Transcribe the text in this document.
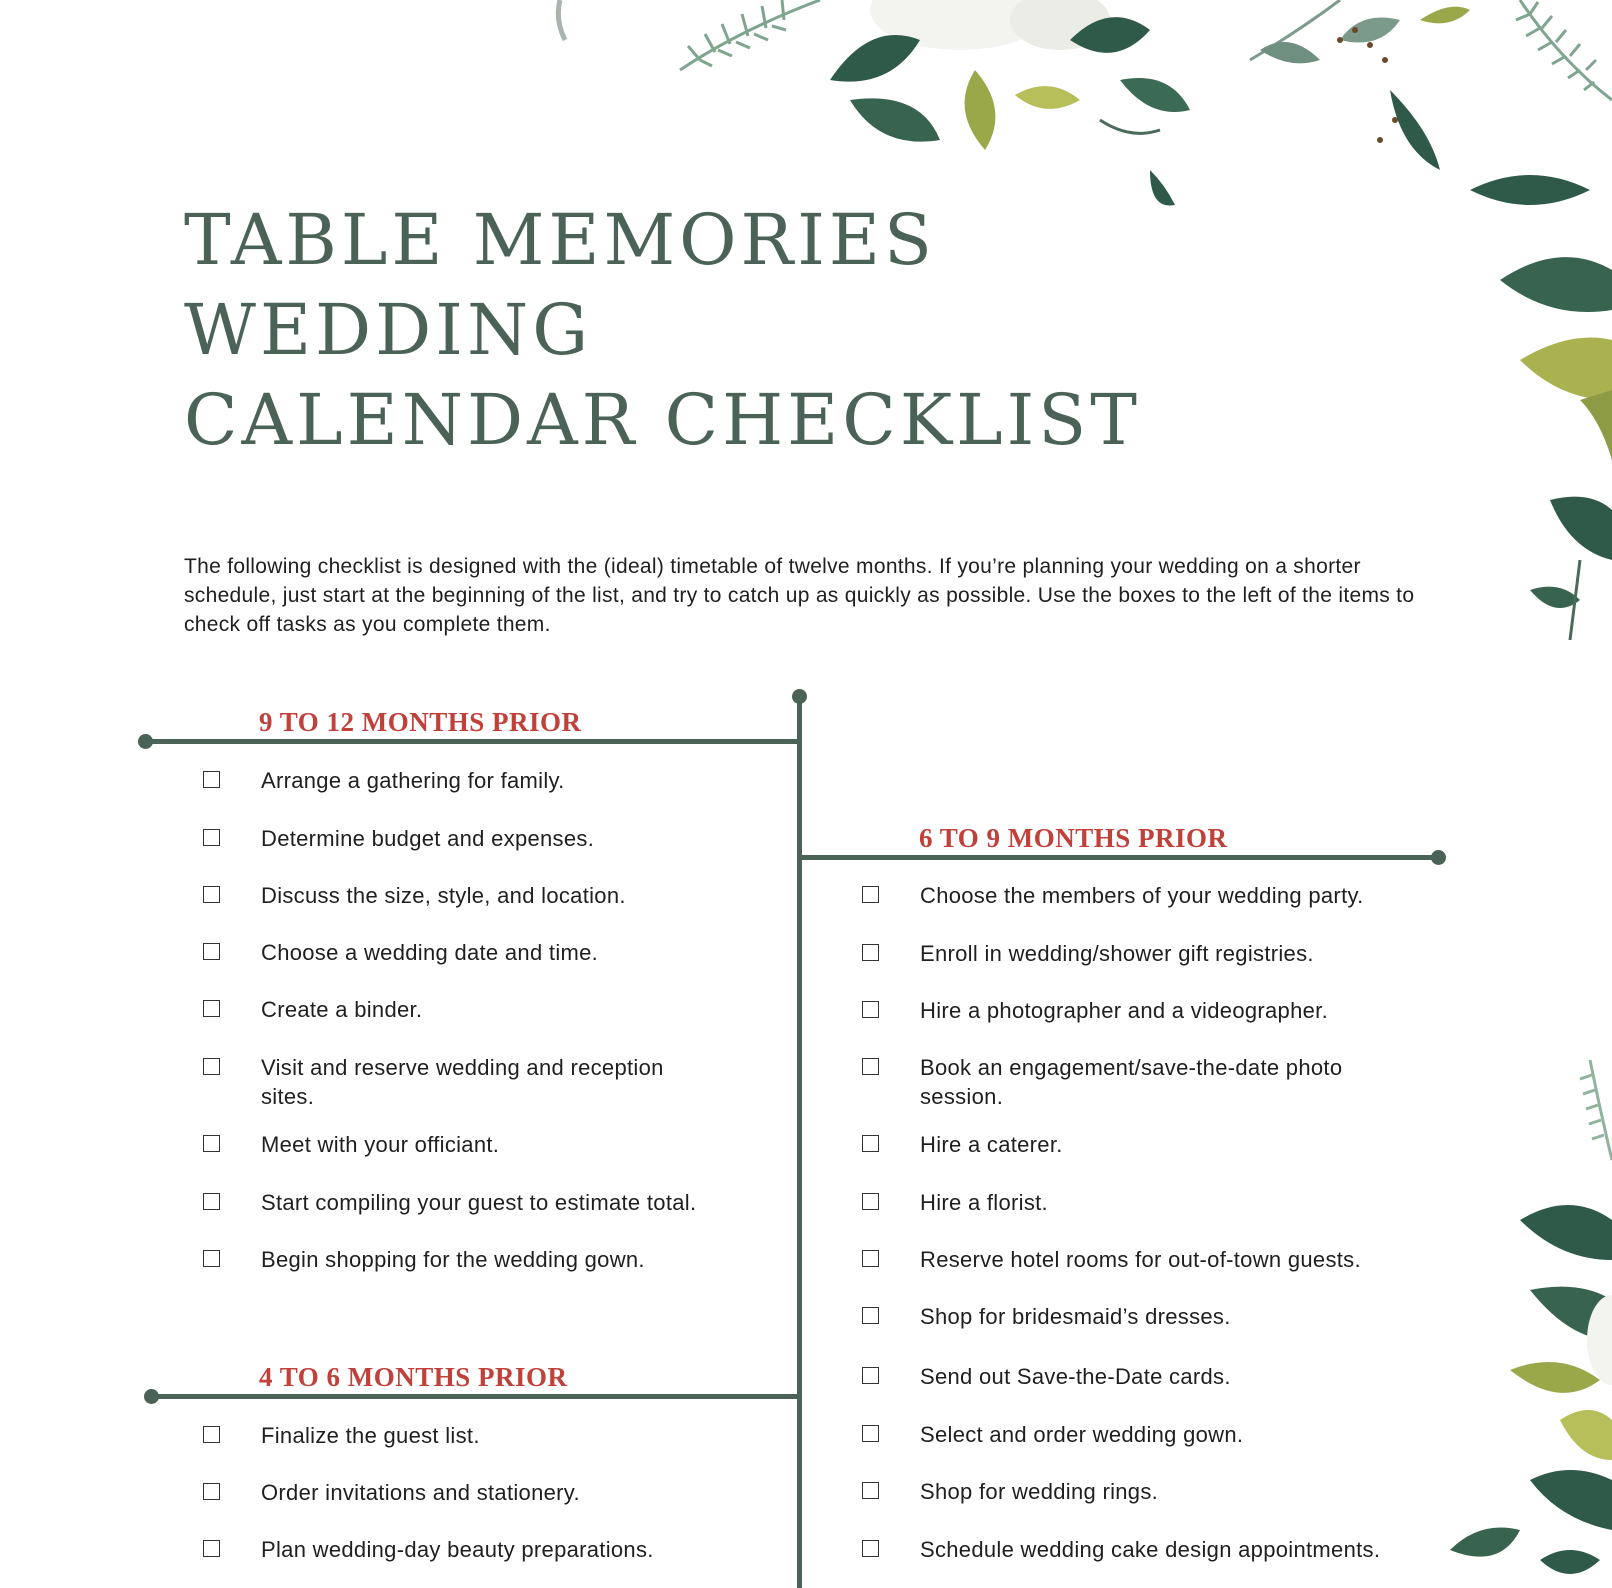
TABLE MEMORIES
WEDDING
CALENDAR CHECKLIST

The following checklist is designed with the (ideal) timetable of twelve months. If you’re planning your wedding on a shorter schedule, just start at the beginning of the list, and try to catch up as quickly as possible. Use the boxes to the left of the items to check off tasks as you complete them.

9 TO 12 MONTHS PRIOR
Arrange a gathering for family.
Determine budget and expenses.
Discuss the size, style, and location.
Choose a wedding date and time.
Create a binder.
Visit and reserve wedding and reception sites.
Meet with your officiant.
Start compiling your guest to estimate total.
Begin shopping for the wedding gown.
6 TO 9 MONTHS PRIOR
Choose the members of your wedding party.
Enroll in wedding/shower gift registries.
Hire a photographer and a videographer.
Book an engagement/save-the-date photo session.
Hire a caterer.
Hire a florist.
Reserve hotel rooms for out-of-town guests.
Shop for bridesmaid’s dresses.
Send out Save-the-Date cards.
Select and order wedding gown.
Shop for wedding rings.
Schedule wedding cake design appointments.
4 TO 6 MONTHS PRIOR
Finalize the guest list.
Order invitations and stationery.
Plan wedding-day beauty preparations.
